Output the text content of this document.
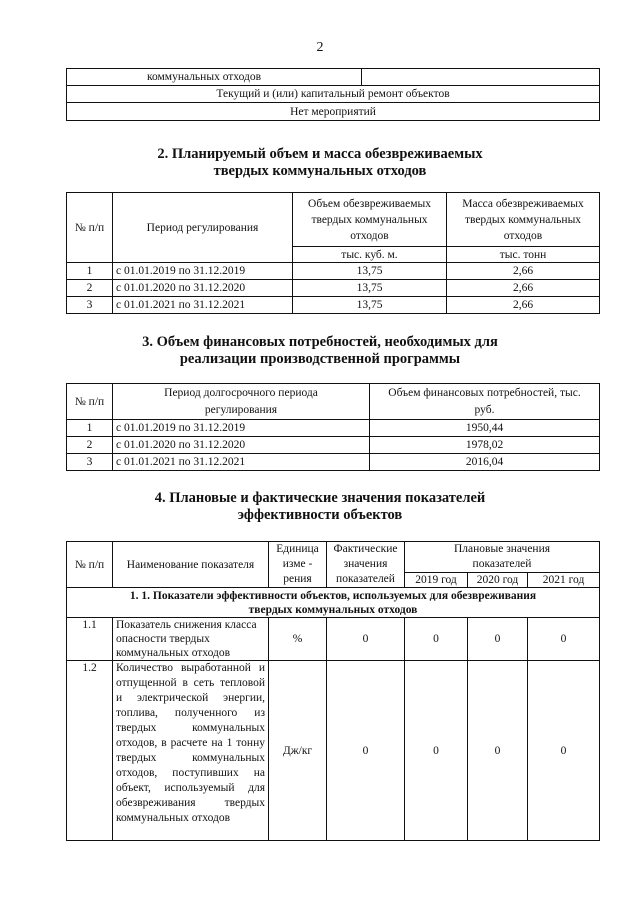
2
коммунальных отходов	
Текущий и (или) капитальный ремонт объектов
Нет мероприятий
2. Планируемый объем и масса обезвреживаемых
твердых коммунальных отходов
№ п/п	Период регулирования	Объем обезвреживаемых твердых коммунальных отходов	Масса обезвреживаемых твердых коммунальных отходов
		тыс. куб. м.	тыс. тонн
1	с 01.01.2019 по 31.12.2019	13,75	2,66
2	с 01.01.2020 по 31.12.2020	13,75	2,66
3	с 01.01.2021 по 31.12.2021	13,75	2,66
3. Объем финансовых потребностей, необходимых для
реализации производственной программы
№ п/п	Период долгосрочного периода регулирования	Объем финансовых потребностей, тыс. руб.
1	с 01.01.2019 по 31.12.2019	1950,44
2	с 01.01.2020 по 31.12.2020	1978,02
3	с 01.01.2021 по 31.12.2021	2016,04
4. Плановые и фактические значения показателей
эффективности объектов
№ п/п	Наименование показателя	Единица изме - рения	Фактические значения показателей	Плановые значения показателей		
				2019 год	2020 год	2021 год
1. 1. Показатели эффективности объектов, используемых для обезвреживания твердых коммунальных отходов						
1.1	Показатель снижения класса опасности твердых коммунальных отходов	%	0	0	0	0
1.2	Количество выработанной и отпущенной в сеть тепловой и электрической энергии, топлива, полученного из твердых коммунальных отходов, в расчете на 1 тонну твердых коммунальных отходов, поступивших на объект, используемый для обезвреживания твердых коммунальных отходов	Дж/кг	0	0	0	0
